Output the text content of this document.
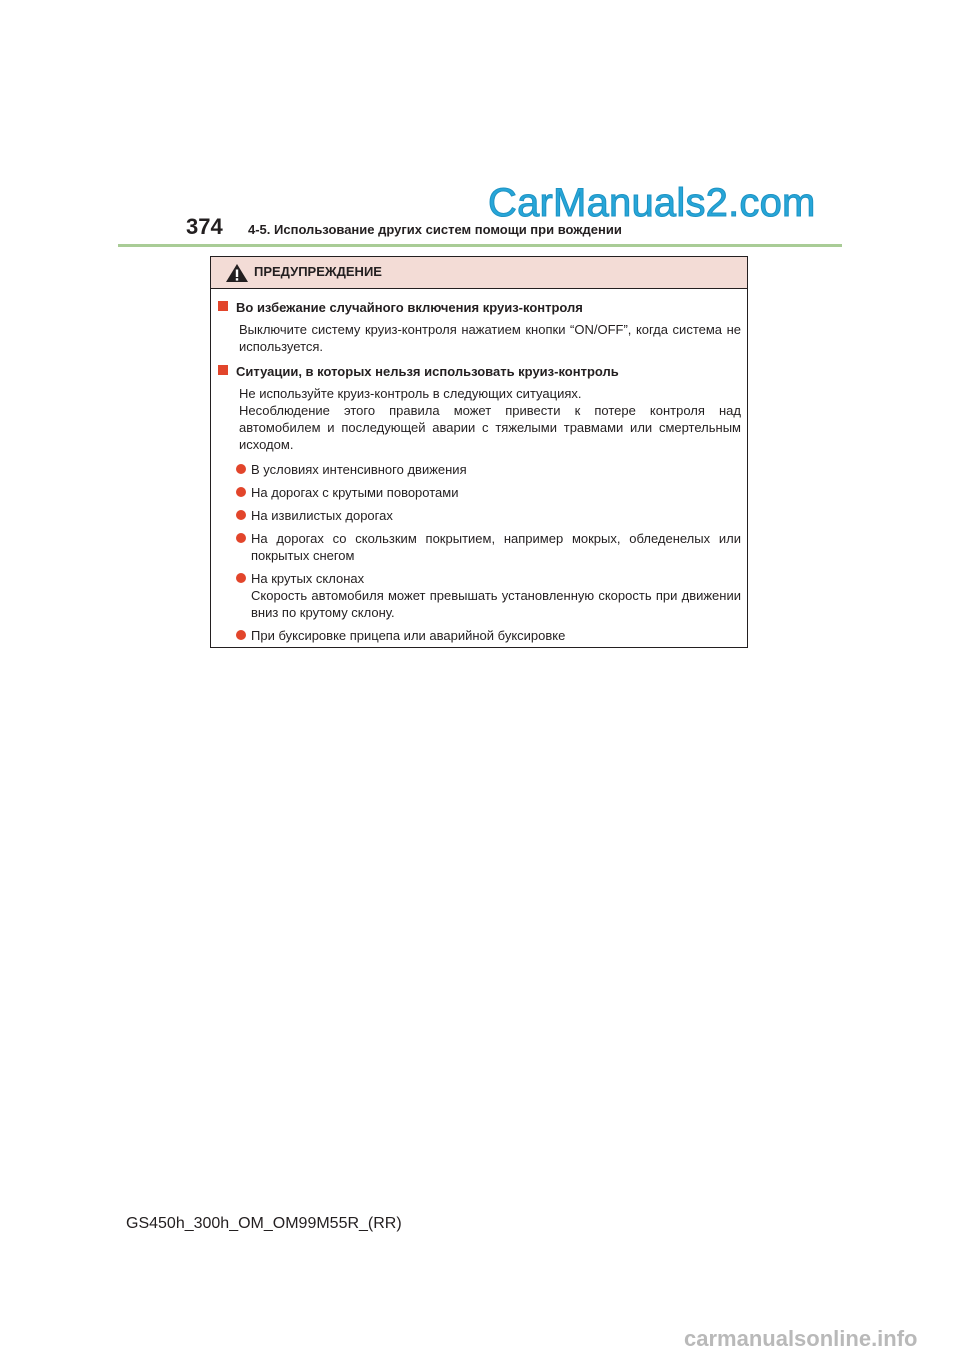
374 4-5. Использование других систем помощи при вождении
CarManuals2.com
ПРЕДУПРЕЖДЕНИЕ
Во избежание случайного включения круиз-контроля
Выключите систему круиз-контроля нажатием кнопки “ON/OFF”, когда система не используется.
Ситуации, в которых нельзя использовать круиз-контроль
Не используйте круиз-контроль в следующих ситуациях.
Несоблюдение этого правила может привести к потере контроля над автомобилем и последующей аварии с тяжелыми травмами или смертельным исходом.
В условиях интенсивного движения
На дорогах с крутыми поворотами
На извилистых дорогах
На дорогах со скользким покрытием, например мокрых, обледенелых или покрытых снегом
На крутых склонах
Скорость автомобиля может превышать установленную скорость при движении вниз по крутому склону.
При буксировке прицепа или аварийной буксировке
GS450h_300h_OM_OM99M55R_(RR)
carmanualsonline.info
